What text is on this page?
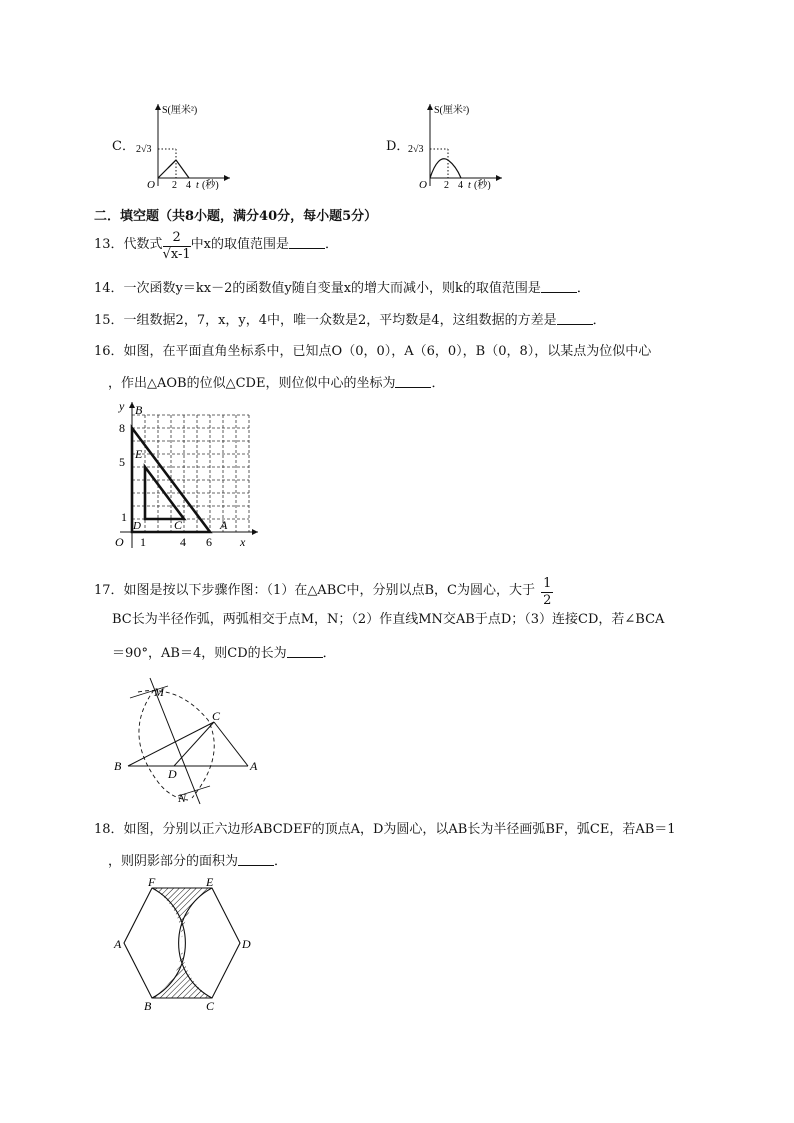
C．
S(厘米²)
2√3
O 2 4 t (秒)
D．
S(厘米²)
2√3
O 2 4 t (秒)
二．填空题（共8小题，满分40分，每小题5分）
13．代数式 $\frac{2}{√x-1}$ 中x的取值范围是	．
14．一次函数y＝kx－2的函数值y随自变量x的增大而减小，则k的取值范围是	．
15．一组数据2，7，x，y，4中，唯一众数是2，平均数是4，这组数据的方差是	．
16．如图，在平面直角坐标系中，已知点O（0，0），A（6，0），B（0，8），以某点为位似中心
，作出△AOB的位似△CDE，则位似中心的坐标为	．
y B
8
5
E
1
D	C	A
O 1	4 6 x
17．如图是按以下步骤作图：（1）在△ABC中，分别以点B，C为圆心，大于 $\frac{1}{2}$
BC长为半径作弧，两弧相交于点M，N；（2）作直线MN交AB于点D；（3）连接CD，若∠BCA
＝90°，AB＝4，则CD的长为	．
M
C
B	A
D
N
18．如图，分别以正六边形ABCDEF的顶点A，D为圆心，以AB长为半径画弧BF，弧CE，若AB＝1
，则阴影部分的面积为	．
F	E
A	D
B	C
